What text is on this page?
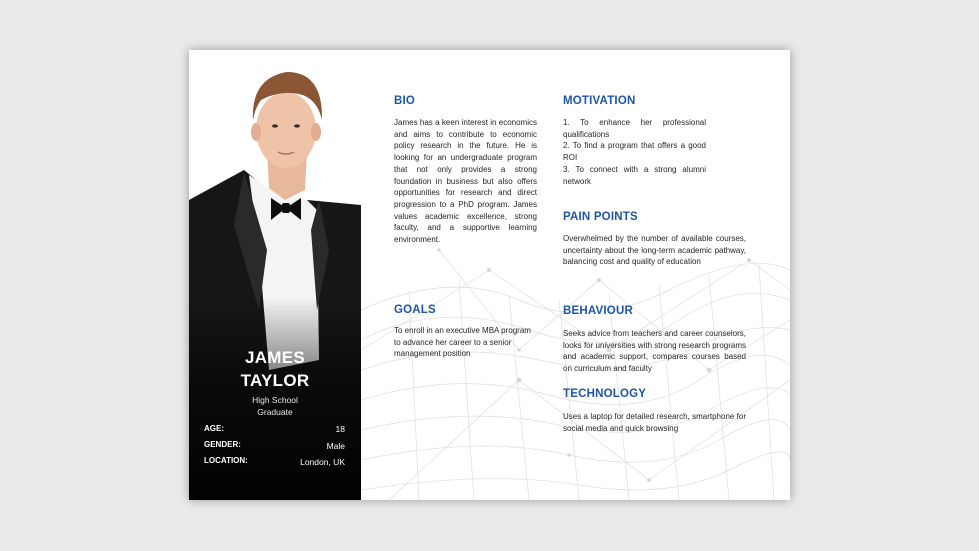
JAMES
TAYLOR
High School
Graduate
AGE:	18
GENDER:	Male
LOCATION:	London, UK
BIO
James has a keen interest in economics and aims to contribute to economic policy research in the future. He is looking for an undergraduate program that not only provides a strong foundation in business but also offers opportunities for research and direct progression to a PhD program. James values academic excellence, strong faculty, and a supportive learning environment.
GOALS
To enroll in an executive MBA program to advance her career to a senior management position
MOTIVATION
1. To enhance her professional qualifications
2. To find a program that offers a good ROI
3. To connect with a strong alumni network
PAIN POINTS
Overwhelmed by the number of available courses, uncertainty about the long-term academic pathway, balancing cost and quality of education
BEHAVIOUR
Seeks advice from teachers and career counselors, looks for universities with strong research programs and academic support, compares courses based on curriculum and faculty
TECHNOLOGY
Uses a laptop for detailed research, smartphone for social media and quick browsing
